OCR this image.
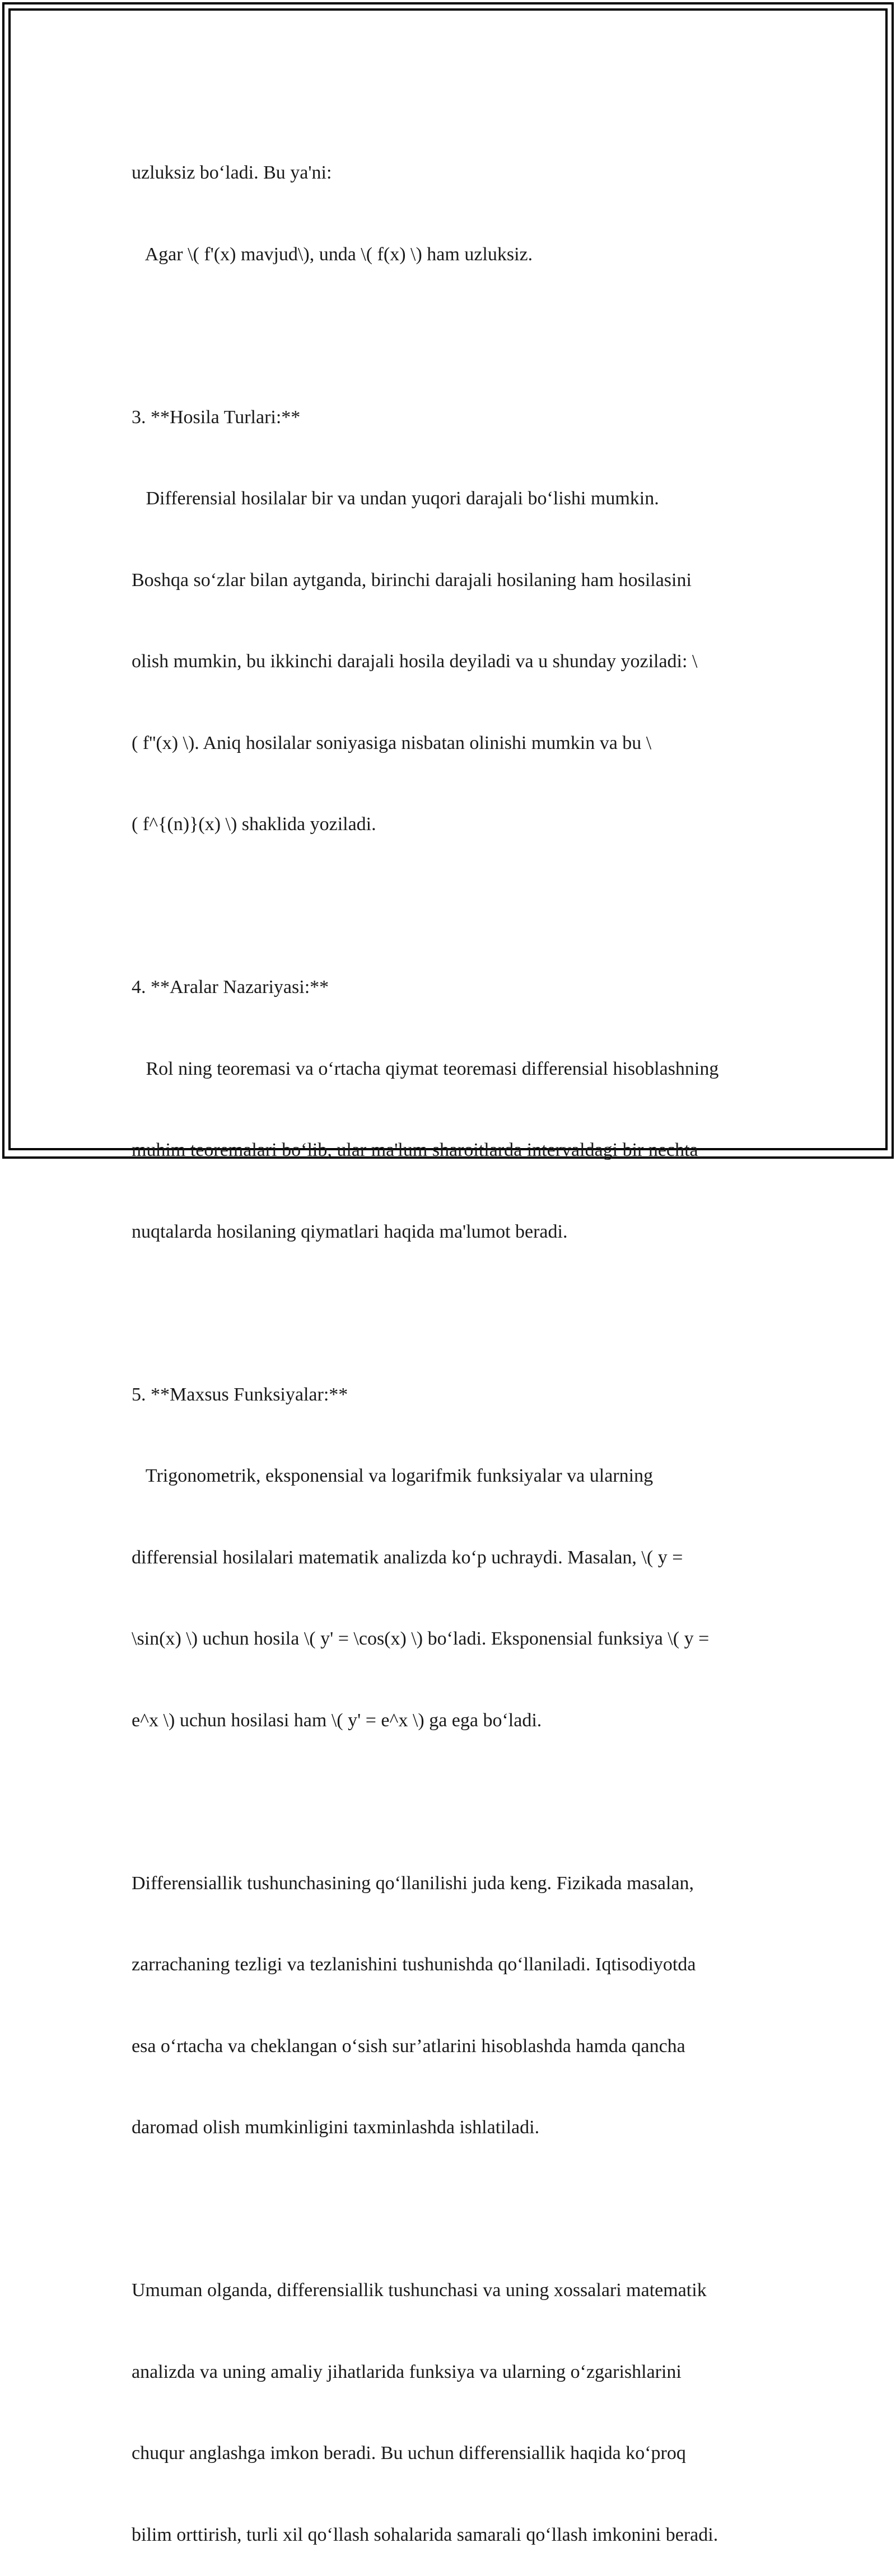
uzluksiz bo‘ladi. Bu ya'ni:

Agar \( f'(x) mavjud\), unda \( f(x) \) ham uzluksiz.

3. **Hosila Turlari:**

Differensial hosilalar bir va undan yuqori darajali bo‘lishi mumkin.

Boshqa so‘zlar bilan aytganda, birinchi darajali hosilaning ham hosilasini

olish mumkin, bu ikkinchi darajali hosila deyiladi va u shunday yoziladi: \

( f''(x) \). Aniq hosilalar soniyasiga nisbatan olinishi mumkin va bu \

( f^{(n)}(x) \) shaklida yoziladi.

4. **Aralar Nazariyasi:**

Rol ning teoremasi va o‘rtacha qiymat teoremasi differensial hisoblashning

muhim teoremalari bo‘lib, ular ma'lum sharoitlarda intervaldagi bir nechta

nuqtalarda hosilaning qiymatlari haqida ma'lumot beradi.

5. **Maxsus Funksiyalar:**

Trigonometrik, eksponensial va logarifmik funksiyalar va ularning

differensial hosilalari matematik analizda ko‘p uchraydi. Masalan, \( y =

\sin(x) \) uchun hosila \( y' = \cos(x) \) bo‘ladi. Eksponensial funksiya \( y =

e^x \) uchun hosilasi ham \( y' = e^x \) ga ega bo‘ladi.

Differensiallik tushunchasining qo‘llanilishi juda keng. Fizikada masalan,

zarrachaning tezligi va tezlanishini tushunishda qo‘llaniladi. Iqtisodiyotda

esa o‘rtacha va cheklangan o‘sish sur’atlarini hisoblashda hamda qancha

daromad olish mumkinligini taxminlashda ishlatiladi.

Umuman olganda, differensiallik tushunchasi va uning xossalari matematik

analizda va uning amaliy jihatlarida funksiya va ularning o‘zgarishlarini

chuqur anglashga imkon beradi. Bu uchun differensiallik haqida ko‘proq

bilim orttirish, turli xil qo‘llash sohalarida samarali qo‘llash imkonini beradi.
